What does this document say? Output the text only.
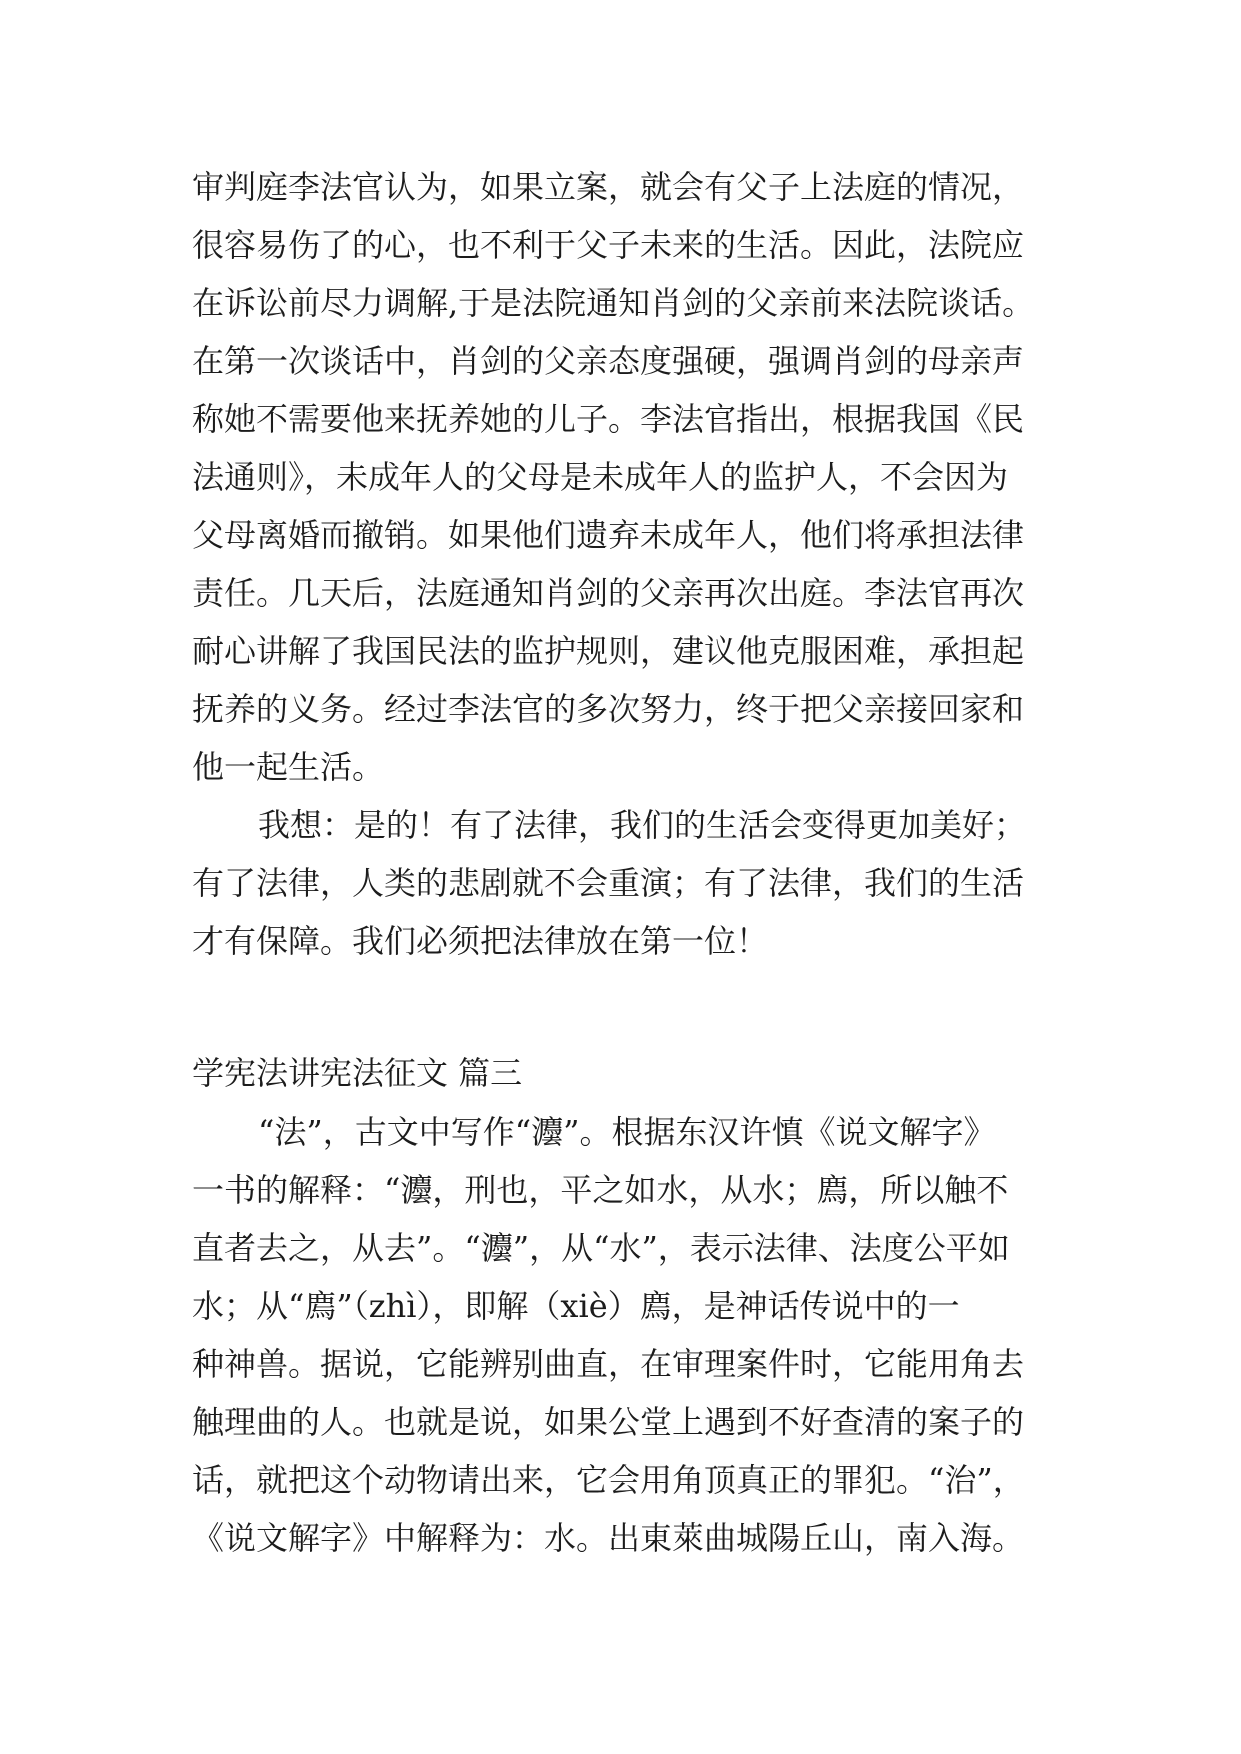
审判庭李法官认为，如果立案，就会有父子上法庭的情况，
很容易伤了的心，也不利于父子未来的生活。因此，法院应
在诉讼前尽力调解,于是法院通知肖剑的父亲前来法院谈话。
在第一次谈话中，肖剑的父亲态度强硬，强调肖剑的母亲声
称她不需要他来抚养她的儿子。李法官指出，根据我国《民
法通则》，未成年人的父母是未成年人的监护人，不会因为
父母离婚而撤销。如果他们遗弃未成年人，他们将承担法律
责任。几天后，法庭通知肖剑的父亲再次出庭。李法官再次
耐心讲解了我国民法的监护规则，建议他克服困难，承担起
抚养的义务。经过李法官的多次努力，终于把父亲接回家和
他一起生活。
我想：是的！有了法律，我们的生活会变得更加美好；
有了法律，人类的悲剧就不会重演；有了法律，我们的生活
才有保障。我们必须把法律放在第一位！
学宪法讲宪法征文 篇三
“法”，古文中写作“灋”。根据东汉许慎《说文解字》
一书的解释：“灋，刑也，平之如水，从水；廌，所以触不
直者去之，从去”。“灋”，从“水”，表示法律、法度公平如
水；从“廌”（zhì），即解（xiè）廌，是神话传说中的一
种神兽。据说，它能辨别曲直，在审理案件时，它能用角去
触理曲的人。也就是说，如果公堂上遇到不好查清的案子的
话，就把这个动物请出来，它会用角顶真正的罪犯。“治”，
《说文解字》中解释为：水。出東萊曲城陽丘山，南入海。
